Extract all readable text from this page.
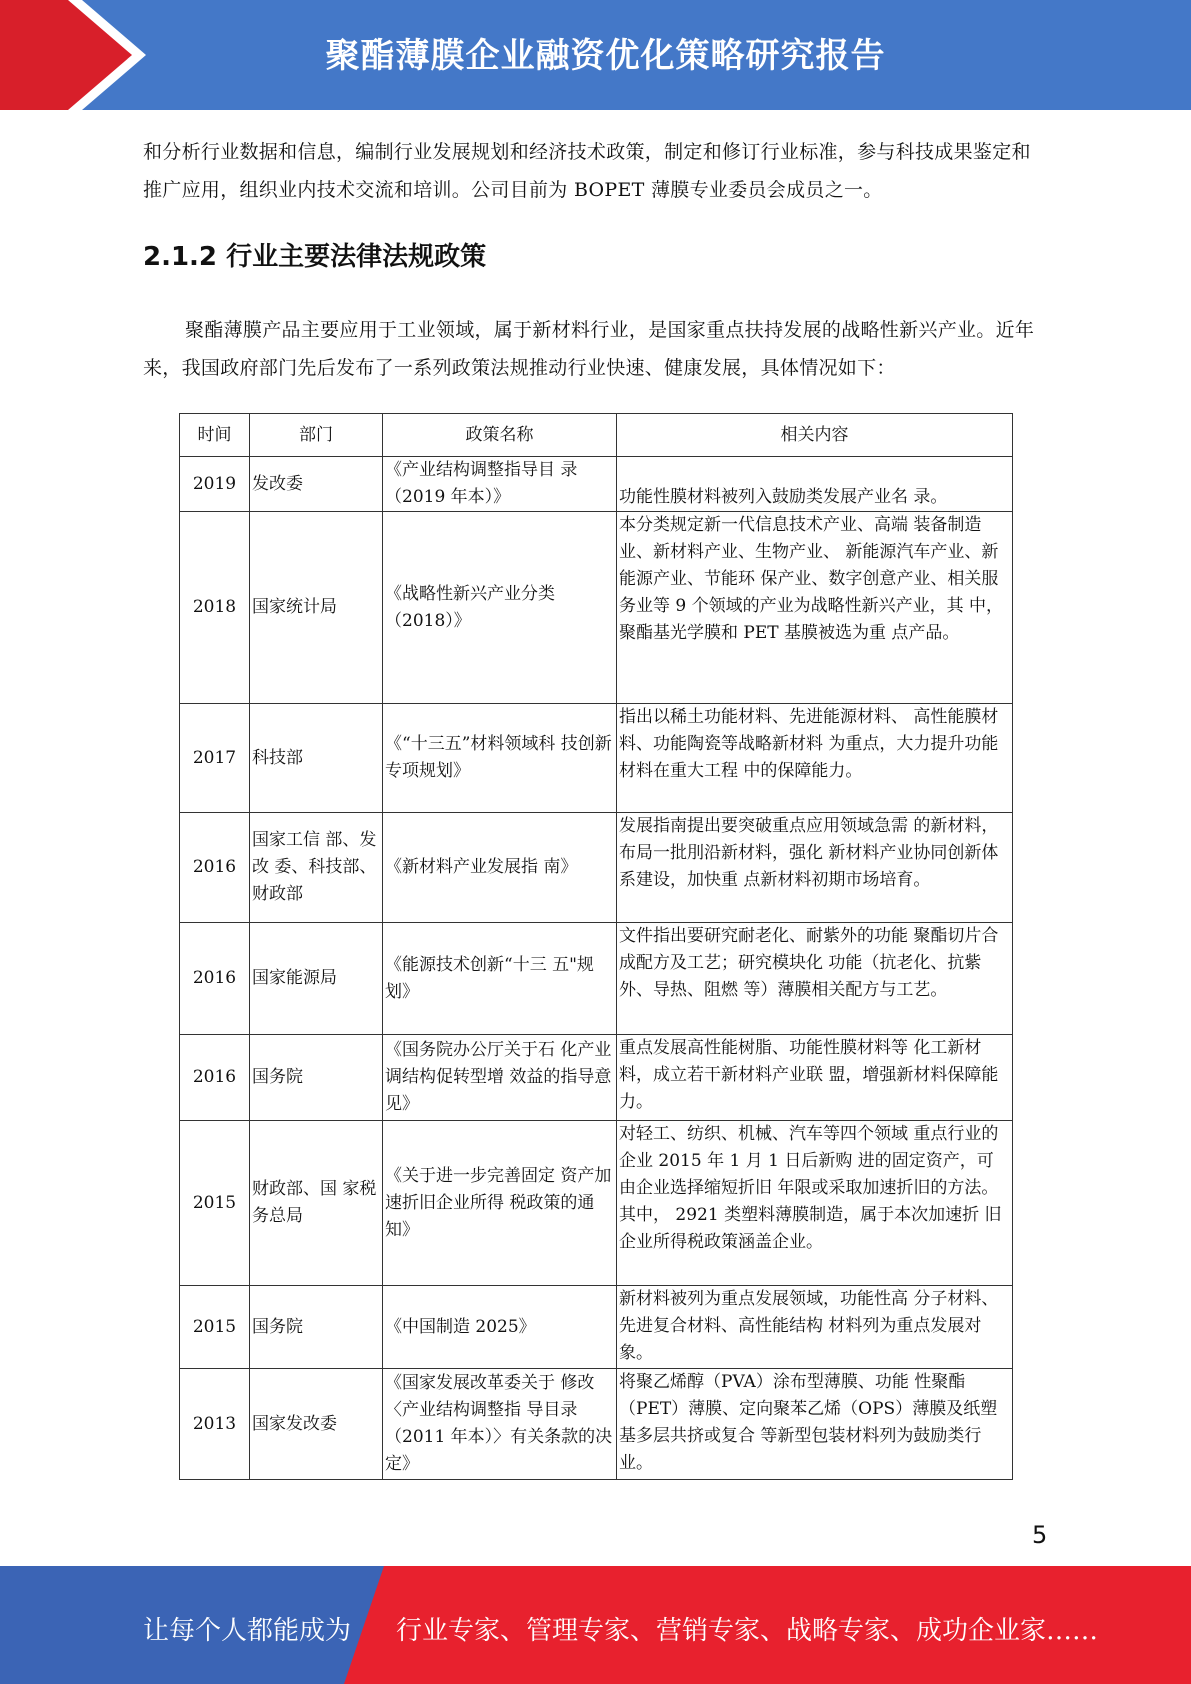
聚酯薄膜企业融资优化策略研究报告
和分析行业数据和信息，编制行业发展规划和经济技术政策，制定和修订行业标准，参与科技成果鉴定和推广应用，组织业内技术交流和培训。公司目前为 BOPET 薄膜专业委员会成员之一。
2.1.2 行业主要法律法规政策
聚酯薄膜产品主要应用于工业领域，属于新材料行业，是国家重点扶持发展的战略性新兴产业。近年来，我国政府部门先后发布了一系列政策法规推动行业快速、健康发展，具体情况如下：
时间	部门	政策名称	相关内容
2019	发改委	《产业结构调整指导目 录（2019 年本）》	功能性膜材料被列入鼓励类发展产业名 录。
2018	国家统计局	《战略性新兴产业分类（2018）》	本分类规定新一代信息技术产业、高端 装备制造业、新材料产业、生物产业、 新能源汽车产业、新能源产业、节能环 保产业、数字创意产业、相关服务业等 9 个领域的产业为战略性新兴产业，其 中，聚酯基光学膜和 PET 基膜被选为重 点产品。
2017	科技部	《“十三五”材料领域科 技创新专项规划》	指出以稀土功能材料、先进能源材料、 高性能膜材料、功能陶瓷等战略新材料 为重点，大力提升功能材料在重大工程 中的保障能力。
2016	国家工信 部、发改 委、科技部、财政部	《新材料产业发展指 南》	发展指南提出要突破重点应用领域急需 的新材料，布局一批刖沿新材料，强化 新材料产业协同创新体系建设，加快重 点新材料初期市场培育。
2016	国家能源局	《能源技术创新“十三 五"规划》	文件指出要研究耐老化、耐紫外的功能 聚酯切片合成配方及工艺；研究模块化 功能（抗老化、抗紫外、导热、阻燃 等）薄膜相关配方与工艺。
2016	国务院	《国务院办公厅关于石 化产业调结构促转型增 效益的指导意见》	重点发展高性能树脂、功能性膜材料等 化工新材料，成立若干新材料产业联 盟，增强新材料保障能力。
2015	财政部、国 家税务总局	《关于进一步完善固定 资产加速折旧企业所得 税政策的通知》	对轻工、纺织、机械、汽车等四个领域 重点行业的企业 2015 年 1 月 1 日后新购 进的固定资产，可由企业选择缩短折旧 年限或采取加速折旧的方法。其中， 2921 类塑料薄膜制造，属于本次加速折 旧企业所得税政策涵盖企业。
2015	国务院	《中国制造 2025》	新材料被列为重点发展领域，功能性高 分子材料、先进复合材料、高性能结构 材料列为重点发展对象。
2013	国家发改委	《国家发展改革委关于 修改〈产业结构调整指 导目录（2011 年本）〉有关条款的决定》	将聚乙烯醇（PVA）涂布型薄膜、功能 性聚酯（PET）薄膜、定向聚苯乙烯（OPS）薄膜及纸塑基多层共挤或复合 等新型包装材料列为鼓励类行业。
5
让每个人都能成为 行业专家、管理专家、营销专家、战略专家、成功企业家……
